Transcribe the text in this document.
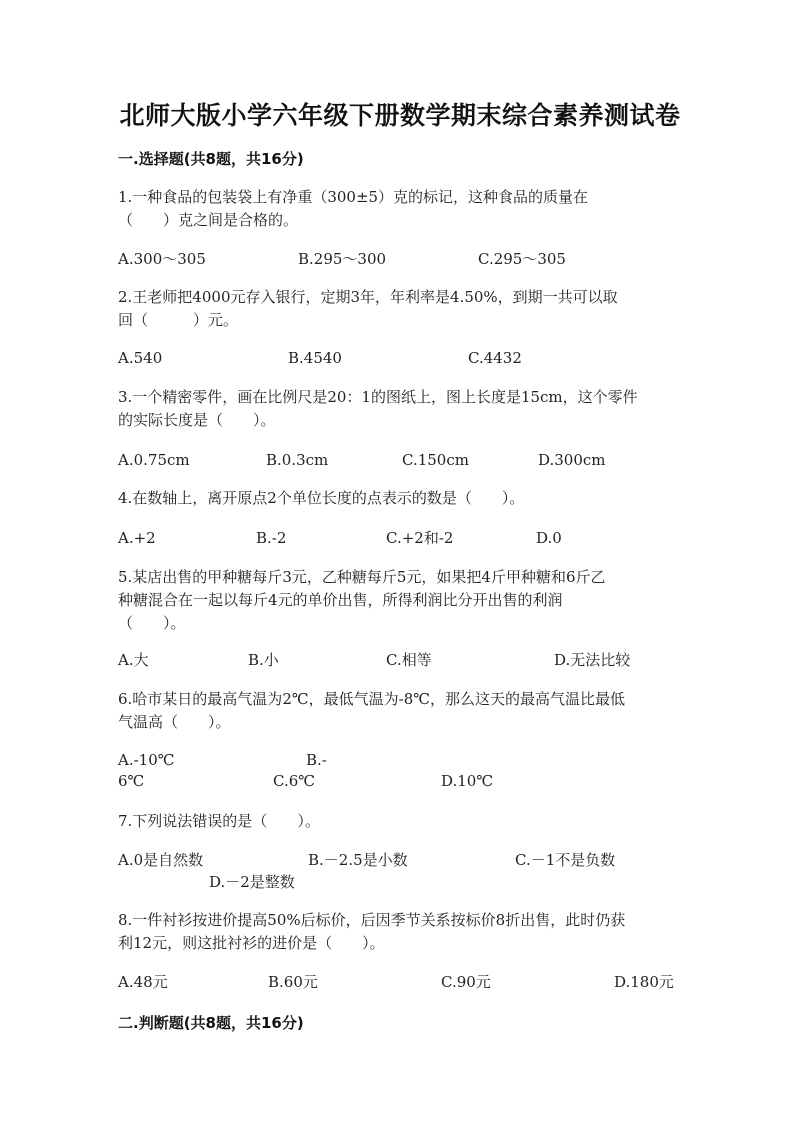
北师大版小学六年级下册数学期末综合素养测试卷
一.选择题(共8题，共16分)
1.一种食品的包装袋上有净重（300±5）克的标记，这种食品的质量在
（　　）克之间是合格的。
A.300～305	B.295～300	C.295～305
2.王老师把4000元存入银行，定期3年，年利率是4.50%，到期一共可以取
回（　　　）元。
A.540	B.4540	C.4432
3.一个精密零件，画在比例尺是20：1的图纸上，图上长度是15cm，这个零件
的实际长度是（　　）。
A.0.75cm	B.0.3cm	C.150cm	D.300cm
4.在数轴上，离开原点2个单位长度的点表示的数是（　　）。
A.+2	B.-2	C.+2和-2	D.0
5.某店出售的甲种糖每斤3元，乙种糖每斤5元，如果把4斤甲种糖和6斤乙
种糖混合在一起以每斤4元的单价出售，所得利润比分开出售的利润
（　　）。
A.大	B.小	C.相等	D.无法比较
6.哈市某日的最高气温为2℃，最低气温为-8℃，那么这天的最高气温比最低
气温高（　　）。
A.-10℃	B.-
6℃	C.6℃	D.10℃
7.下列说法错误的是（　　）。
A.0是自然数	B.－2.5是小数	C.－1不是负数
D.－2是整数
8.一件衬衫按进价提高50%后标价，后因季节关系按标价8折出售，此时仍获
利12元，则这批衬衫的进价是（　　）。
A.48元	B.60元	C.90元	D.180元
二.判断题(共8题，共16分)
